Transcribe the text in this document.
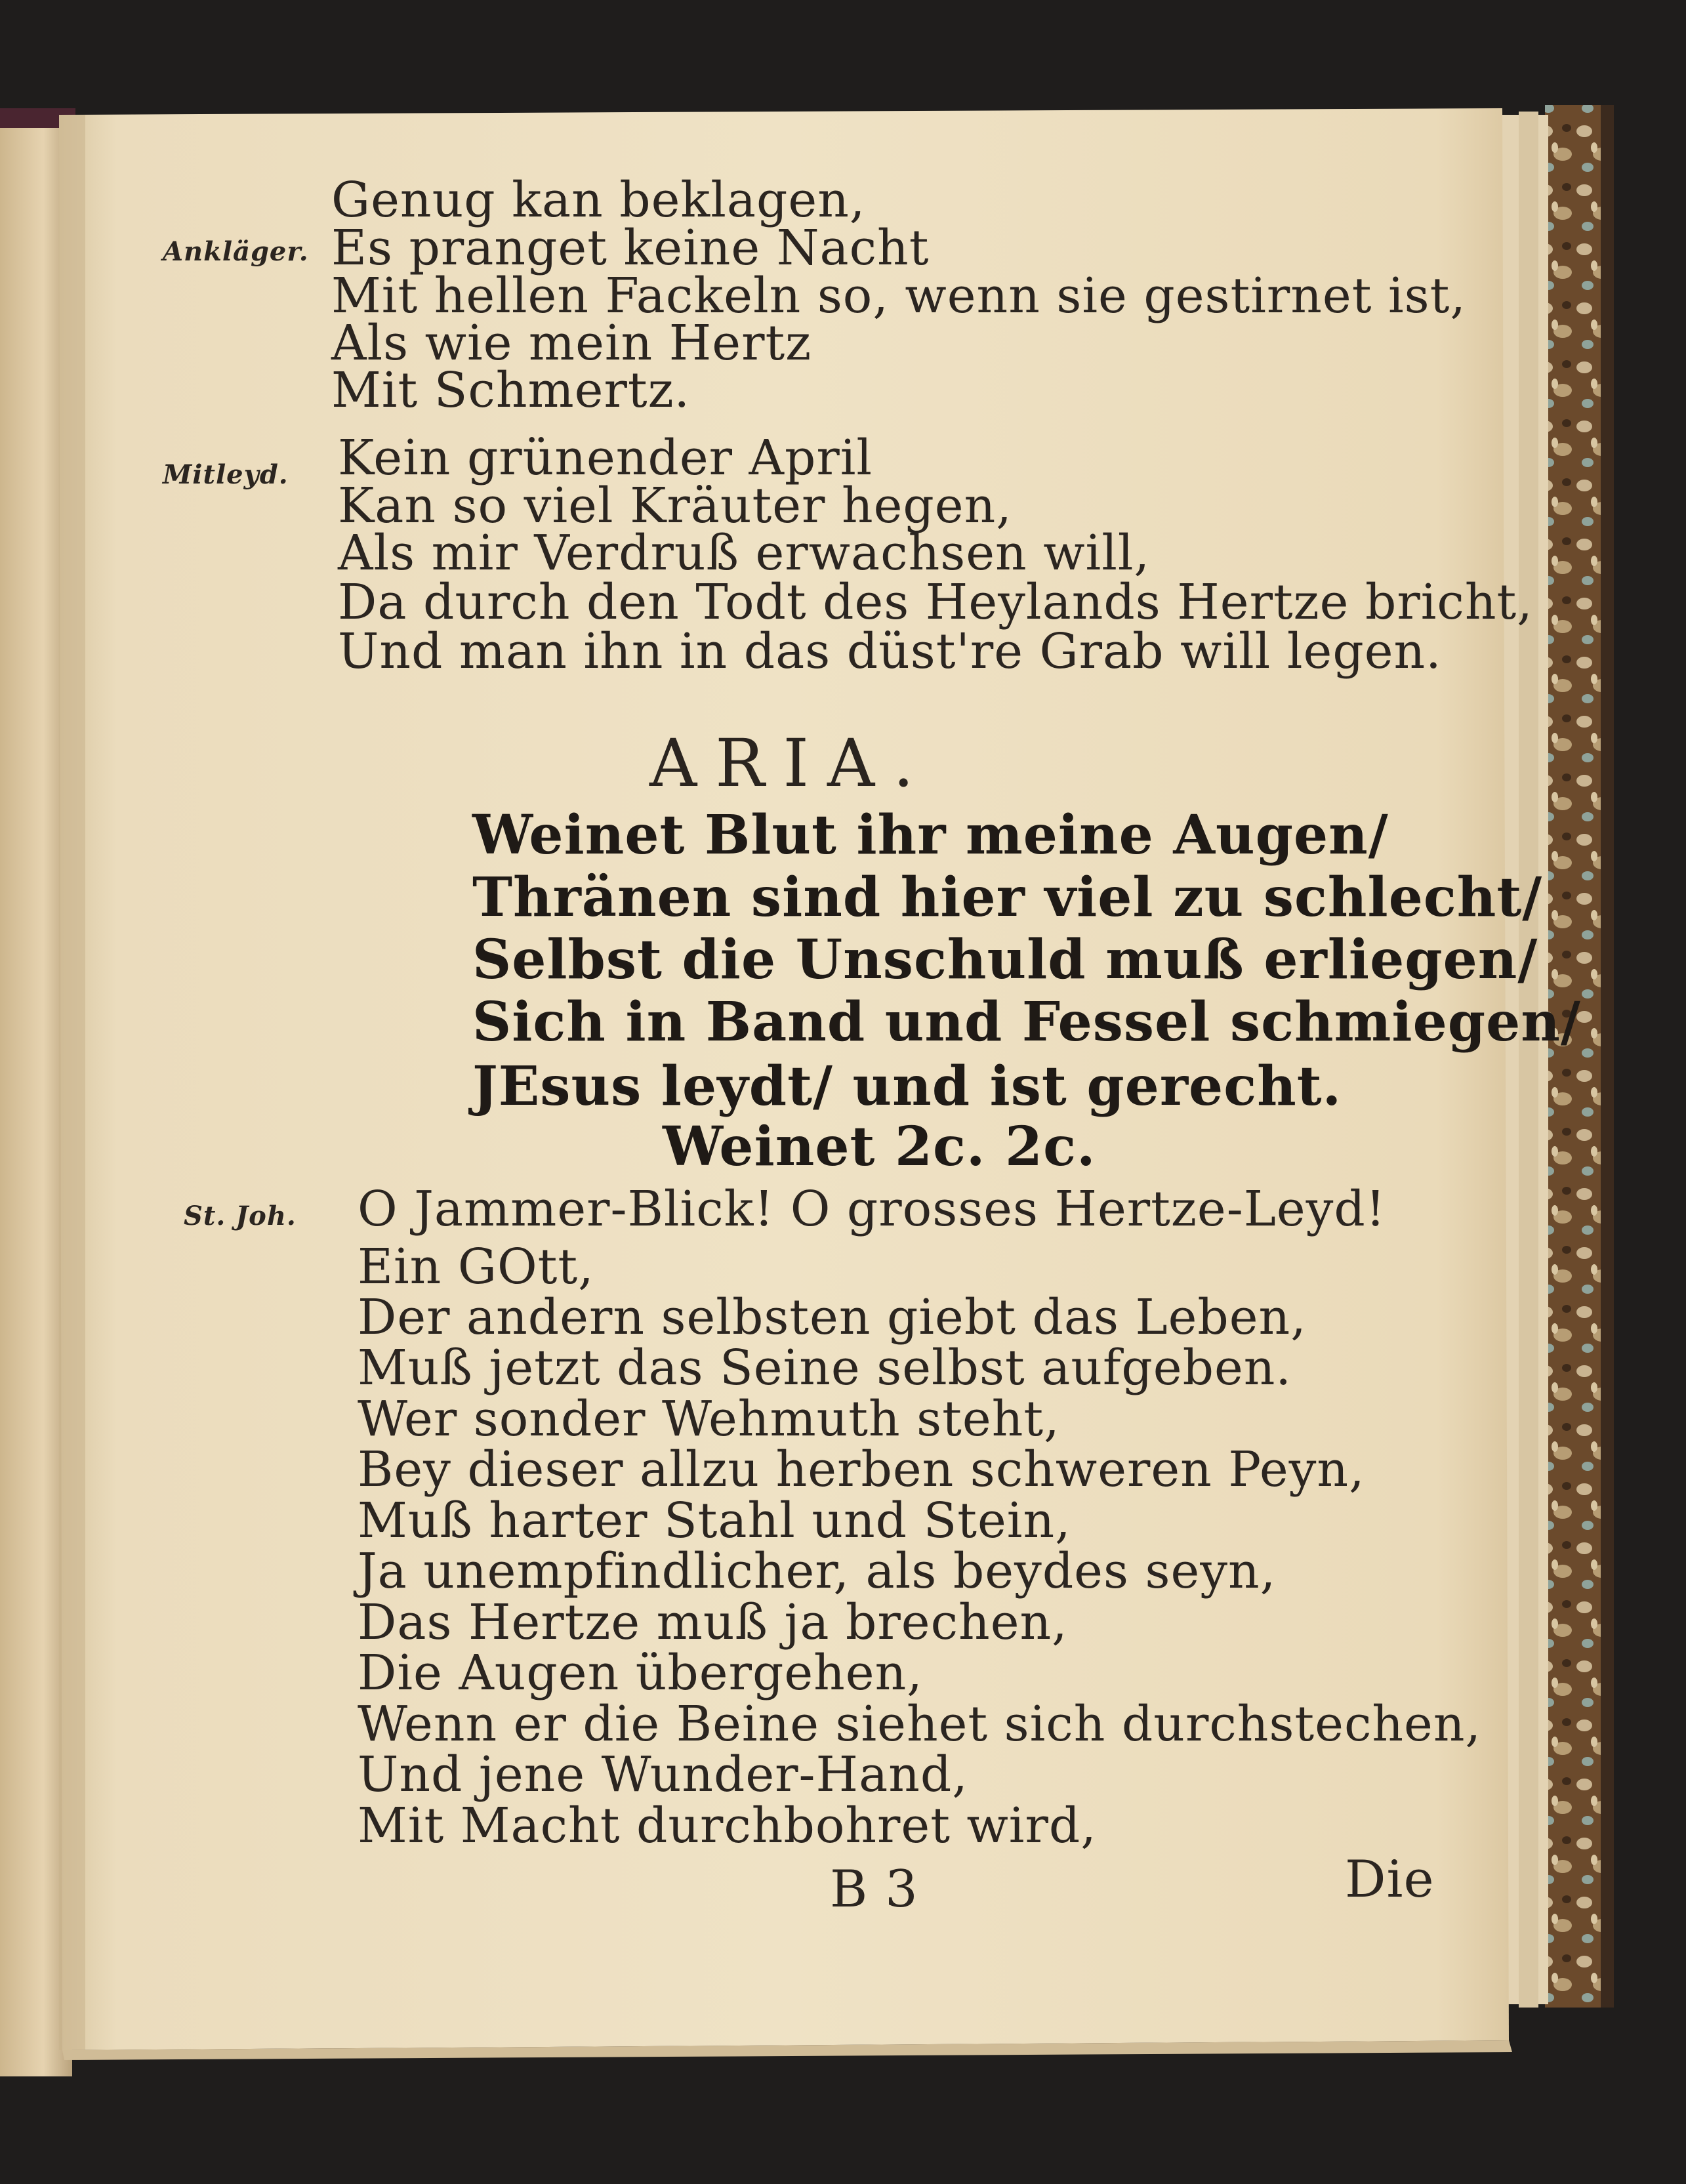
Ankläger.
Mitleyd.
St. Joh.
Genug kan beklagen,
Es pranget keine Nacht
Mit hellen Fackeln so, wenn sie gestirnet ist,
Als wie mein Hertz
Mit Schmertz.
Kein grünender April
Kan so viel Kräuter hegen,
Als mir Verdruß erwachsen will,
Da durch den Todt des Heylands Hertze bricht,
Und man ihn in das düst're Grab will legen.
ARIA.
Weinet Blut ihr meine Augen/
Thränen sind hier viel zu schlecht/
Selbst die Unschuld muß erliegen/
Sich in Band und Fessel schmiegen/
JEsus leydt/ und ist gerecht.
Weinet 2c. 2c.
O Jammer-Blick! O grosses Hertze-Leyd!
Ein GOtt,
Der andern selbsten giebt das Leben,
Muß jetzt das Seine selbst aufgeben.
Wer sonder Wehmuth steht,
Bey dieser allzu herben schweren Peyn,
Muß harter Stahl und Stein,
Ja unempfindlicher, als beydes seyn,
Das Hertze muß ja brechen,
Die Augen übergehen,
Wenn er die Beine siehet sich durchstechen,
Und jene Wunder-Hand,
Mit Macht durchbohret wird,
B 3	Die
